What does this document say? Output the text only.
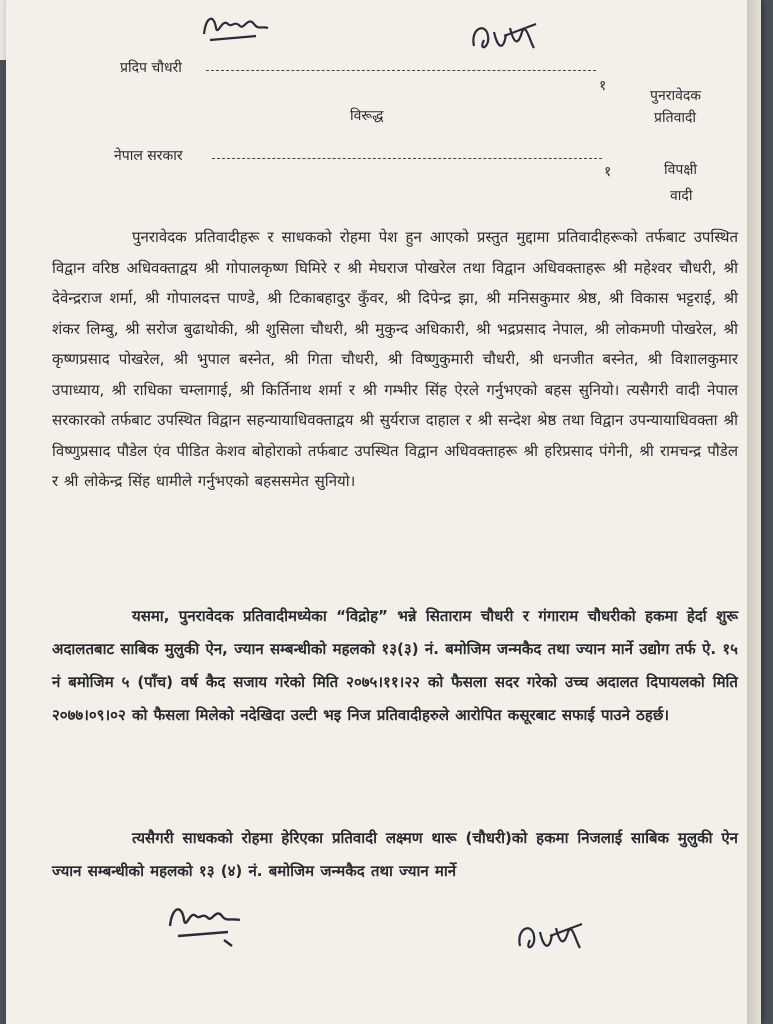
प्रदिप चौधरी
१
पुनरावेदक
प्रतिवादी
विरूद्ध
नेपाल सरकार
१	विपक्षी
वादी
पुनरावेदक प्रतिवादीहरू र साधकको रोहमा पेश हुन आएको प्रस्तुत मुद्दामा प्रतिवादीहरूको तर्फबाट उपस्थित विद्वान वरिष्ठ अधिवक्ताद्वय श्री गोपालकृष्ण घिमिरे र श्री मेघराज पोखरेल तथा विद्वान अधिवक्ताहरू श्री महेश्वर चौधरी, श्री देवेन्द्रराज शर्मा, श्री गोपालदत्त पाण्डे, श्री टिकाबहादुर कुँवर, श्री दिपेन्द्र झा, श्री मनिसकुमार श्रेष्ठ, श्री विकास भट्टराई, श्री शंकर लिम्बु, श्री सरोज बुढाथोकी, श्री शुसिला चौधरी, श्री मुकुन्द अधिकारी, श्री भद्रप्रसाद नेपाल, श्री लोकमणी पोखरेल, श्री कृष्णप्रसाद पोखरेल, श्री भुपाल बस्नेत, श्री गिता चौधरी, श्री विष्णुकुमारी चौधरी, श्री धनजीत बस्नेत, श्री विशालकुमार उपाध्याय, श्री राधिका चम्लागाई, श्री किर्तिनाथ शर्मा र श्री गम्भीर सिंह ऐरले गर्नुभएको बहस सुनियो। त्यसैगरी वादी नेपाल सरकारको तर्फबाट उपस्थित विद्वान सहन्यायाधिवक्ताद्वय श्री सुर्यराज दाहाल र श्री सन्देश श्रेष्ठ तथा विद्वान उपन्यायाधिवक्ता श्री विष्णुप्रसाद पौडेल एंव पीडित केशव बोहोराको तर्फबाट उपस्थित विद्वान अधिवक्ताहरू श्री हरिप्रसाद पंगेनी, श्री रामचन्द्र पौडेल र श्री लोकेन्द्र सिंह धामीले गर्नुभएको बहससमेत सुनियो।
यसमा, पुनरावेदक प्रतिवादीमध्येका “विद्रोह” भन्ने सिताराम चौधरी र गंगाराम चौधरीको हकमा हेर्दा शुरू अदालतबाट साबिक मुलुकी ऐन, ज्यान सम्बन्धीको महलको १३(३) नं. बमोजिम जन्मकैद तथा ज्यान मार्ने उद्योग तर्फ ऐ. १५ नं बमोजिम ५ (पाँच) वर्ष कैद सजाय गरेको मिति २०७५।११।२२ को फैसला सदर गरेको उच्च अदालत दिपायलको मिति २०७७।०९।०२ को फैसला मिलेको नदेखिदा उल्टी भइ निज प्रतिवादीहरुले आरोपित कसूरबाट सफाई पाउने ठहर्छ।
त्यसैगरी साधकको रोहमा हेरिएका प्रतिवादी लक्ष्मण थारू (चौधरी)को हकमा निजलाई साबिक मुलुकी ऐन ज्यान सम्बन्धीको महलको १३ (४) नं. बमोजिम जन्मकैद तथा ज्यान मार्ने
